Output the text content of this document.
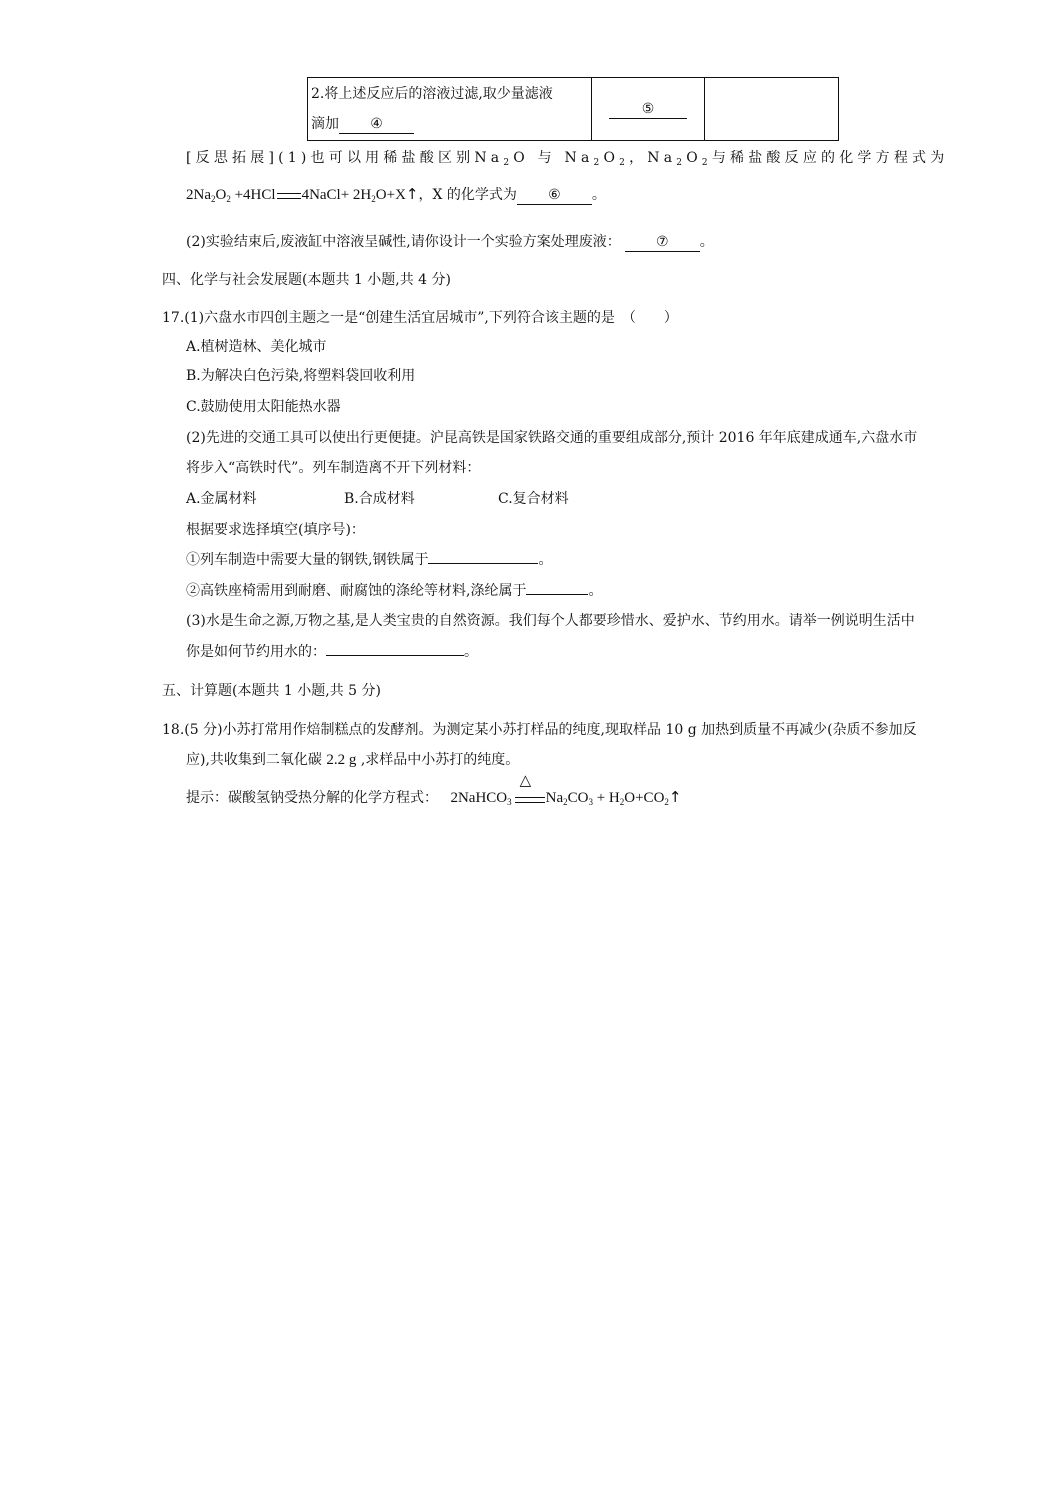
2.将上述反应后的溶液过滤,取少量滤液
滴加 ④
	⑤	
[反思拓展](1)也可以用稀盐酸区别$Na_2O$ 与 $Na_2O_2$，$Na_2O_2$与稀盐酸反应的化学方程式为
$2Na_2O_2 +4HCl$ 4NaCl+ $2H_2O+X↑$，X 的化学式为 ⑥ 。
(2)实验结束后,废液缸中溶液呈碱性,请你设计一个实验方案处理废液：	⑦ 。
四、化学与社会发展题(本题共 1 小题,共 4 分)
17.(1)六盘水市四创主题之一是“创建生活宜居城市”,下列符合该主题的是　（　　）
A.植树造林、美化城市
B.为解决白色污染,将塑料袋回收利用
C.鼓励使用太阳能热水器
(2)先进的交通工具可以使出行更便捷。沪昆高铁是国家铁路交通的重要组成部分,预计 2016 年年底建成通车,六盘水市
将步入“高铁时代”。列车制造离不开下列材料：
A.金属材料	B.合成材料	C.复合材料
根据要求选择填空(填序号)：
①列车制造中需要大量的钢铁,钢铁属于	。
②高铁座椅需用到耐磨、耐腐蚀的涤纶等材料,涤纶属于	。
(3)水是生命之源,万物之基,是人类宝贵的自然资源。我们每个人都要珍惜水、爱护水、节约用水。请举一例说明生活中
你是如何节约用水的：	。
五、计算题(本题共 1 小题,共 5 分)
18.(5 分)小苏打常用作焙制糕点的发酵剂。为测定某小苏打样品的纯度,现取样品 10 g 加热到质量不再减少(杂质不参加反
应),共收集到二氧化碳 2.2 g ,求样品中小苏打的纯度。
提示：碳酸氢钠受热分解的化学方程式： 2NaHCO$_3$
△
$Na_2CO_3$ + $H_2O+CO_2↑$
